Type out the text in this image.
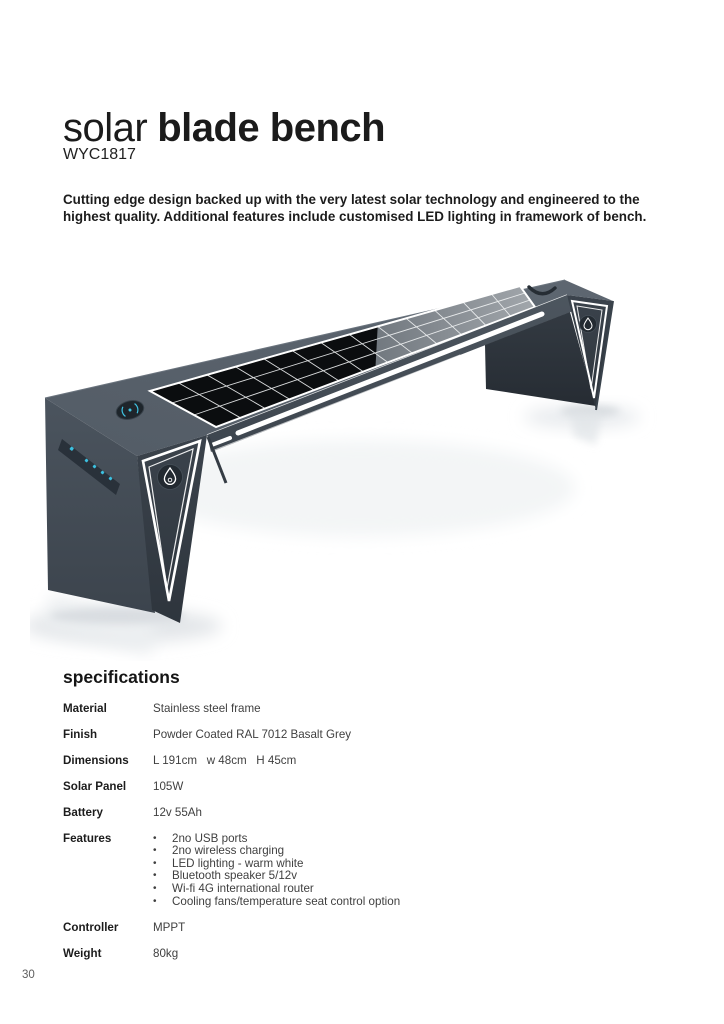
solar blade bench
WYC1817

Cutting edge design backed up with the very latest solar technology and engineered to the highest quality. Additional features include customised LED lighting in framework of bench.

specifications
Material	Stainless steel frame
Finish	Powder Coated RAL 7012 Basalt Grey
Dimensions	L 191cm   w 48cm   H 45cm
Solar Panel	105W
Battery	12v 55Ah
Features	•	2no USB ports
•	2no wireless charging
•	LED lighting - warm white
•	Bluetooth speaker 5/12v
•	Wi-fi 4G international router
•	Cooling fans/temperature seat control option
Controller	MPPT
Weight	80kg
30
